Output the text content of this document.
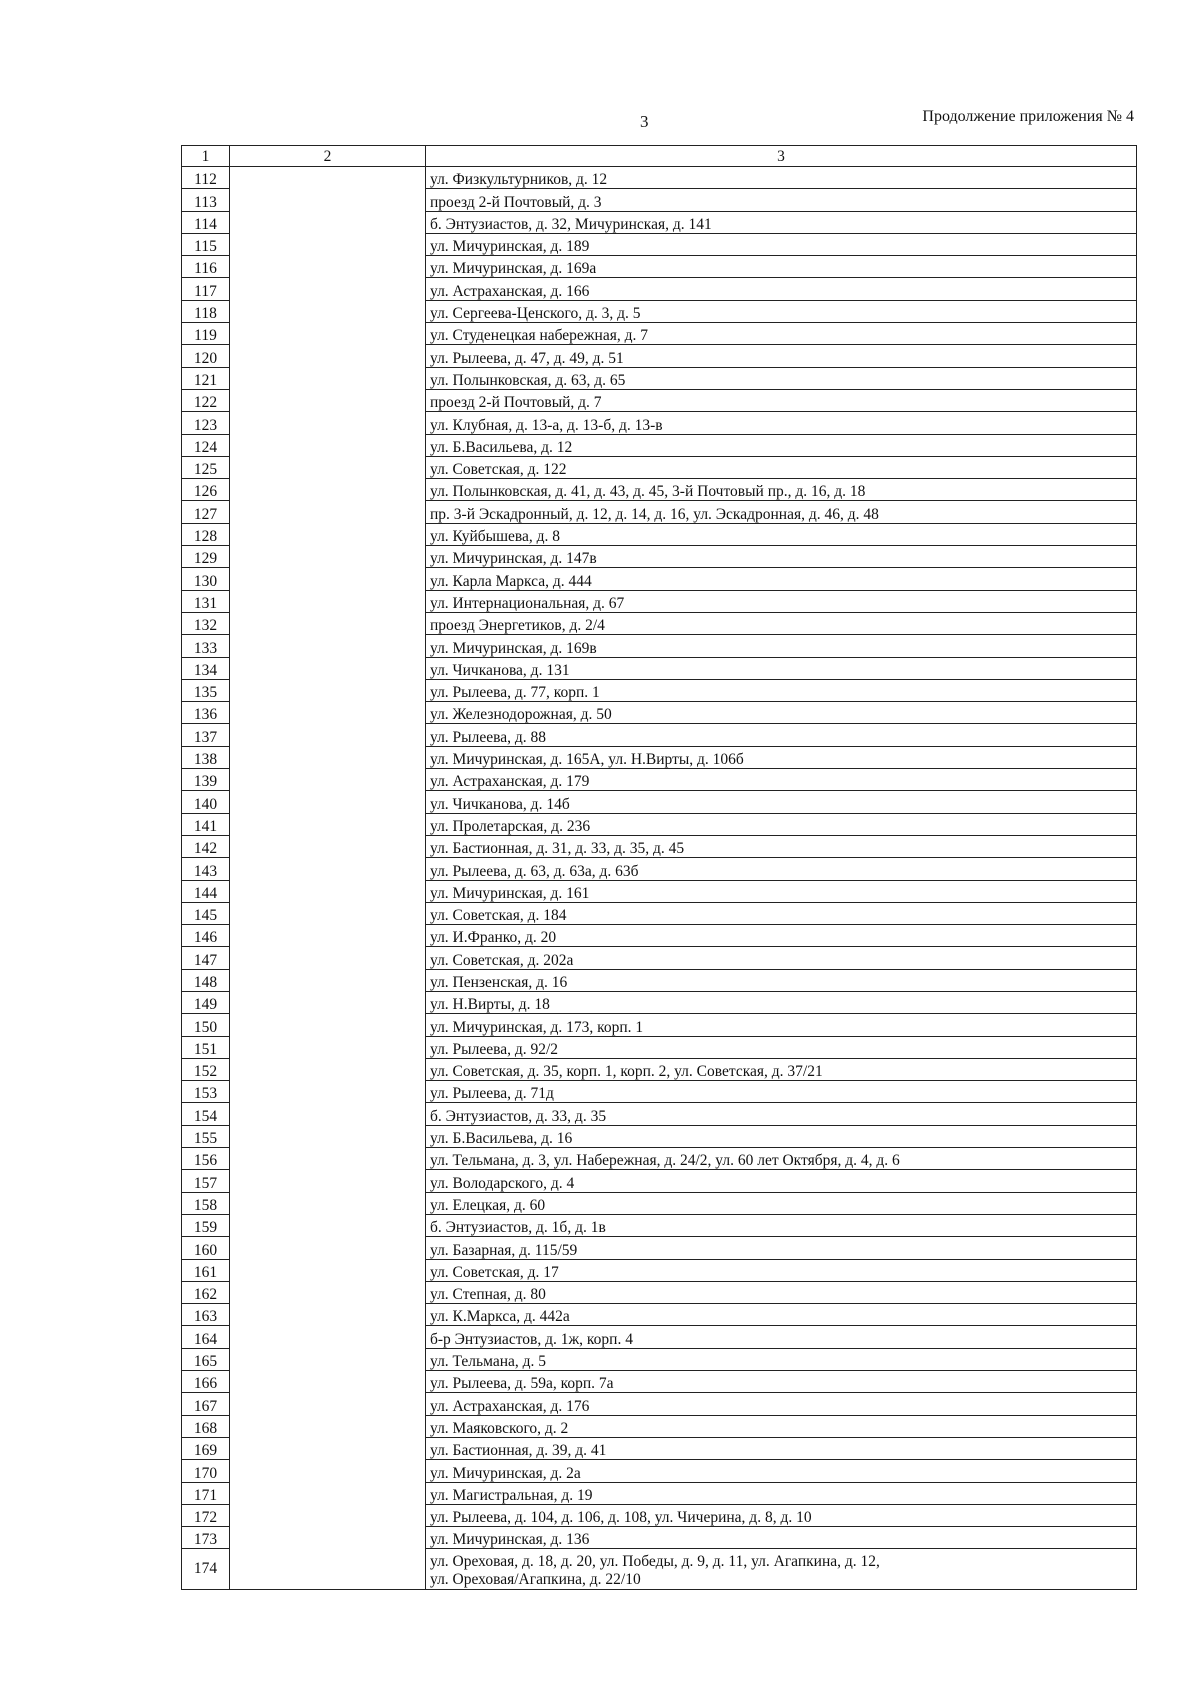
3	Продолжение приложения № 4
1	2	3
112		ул. Физкультурников, д. 12
113		проезд 2-й Почтовый, д. 3
114		б. Энтузиастов, д. 32, Мичуринская, д. 141
115		ул. Мичуринская, д. 189
116		ул. Мичуринская, д. 169а
117		ул. Астраханская, д. 166
118		ул. Сергеева-Ценского, д. 3, д. 5
119		ул. Студенецкая набережная, д. 7
120		ул. Рылеева, д. 47, д. 49, д. 51
121		ул. Полынковская, д. 63, д. 65
122		проезд 2-й Почтовый, д. 7
123		ул. Клубная, д. 13-а, д. 13-б, д. 13-в
124		ул. Б.Васильева, д. 12
125		ул. Советская, д. 122
126		ул. Полынковская, д. 41, д. 43, д. 45, 3-й Почтовый пр., д. 16, д. 18
127		пр. 3-й Эскадронный, д. 12, д. 14, д. 16, ул. Эскадронная, д. 46, д. 48
128		ул. Куйбышева, д. 8
129		ул. Мичуринская, д. 147в
130		ул. Карла Маркса, д. 444
131		ул. Интернациональная, д. 67
132		проезд Энергетиков, д. 2/4
133		ул. Мичуринская, д. 169в
134		ул. Чичканова, д. 131
135		ул. Рылеева, д. 77, корп. 1
136		ул. Железнодорожная, д. 50
137		ул. Рылеева, д. 88
138		ул. Мичуринская, д. 165А, ул. Н.Вирты, д. 106б
139		ул. Астраханская, д. 179
140		ул. Чичканова, д. 14б
141		ул. Пролетарская, д. 236
142		ул. Бастионная, д. 31, д. 33, д. 35, д. 45
143		ул. Рылеева, д. 63, д. 63а, д. 63б
144		ул. Мичуринская, д. 161
145		ул. Советская, д. 184
146		ул. И.Франко, д. 20
147		ул. Советская, д. 202а
148		ул. Пензенская, д. 16
149		ул. Н.Вирты, д. 18
150		ул. Мичуринская, д. 173, корп. 1
151		ул. Рылеева, д. 92/2
152		ул. Советская, д. 35, корп. 1, корп. 2, ул. Советская, д. 37/21
153		ул. Рылеева, д. 71д
154		б. Энтузиастов, д. 33, д. 35
155		ул. Б.Васильева, д. 16
156		ул. Тельмана, д. 3, ул. Набережная, д. 24/2, ул. 60 лет Октября, д. 4, д. 6
157		ул. Володарского, д. 4
158		ул. Елецкая, д. 60
159		б. Энтузиастов, д. 1б, д. 1в
160		ул. Базарная, д. 115/59
161		ул. Советская, д. 17
162		ул. Степная, д. 80
163		ул. К.Маркса, д. 442а
164		б-р Энтузиастов, д. 1ж, корп. 4
165		ул. Тельмана, д. 5
166		ул. Рылеева, д. 59а, корп. 7а
167		ул. Астраханская, д. 176
168		ул. Маяковского, д. 2
169		ул. Бастионная, д. 39, д. 41
170		ул. Мичуринская, д. 2а
171		ул. Магистральная, д. 19
172		ул. Рылеева, д. 104, д. 106, д. 108, ул. Чичерина, д. 8, д. 10
173		ул. Мичуринская, д. 136
174		ул. Ореховая, д. 18, д. 20, ул. Победы, д. 9, д. 11, ул. Агапкина, д. 12,
ул. Ореховая/Агапкина, д. 22/10
